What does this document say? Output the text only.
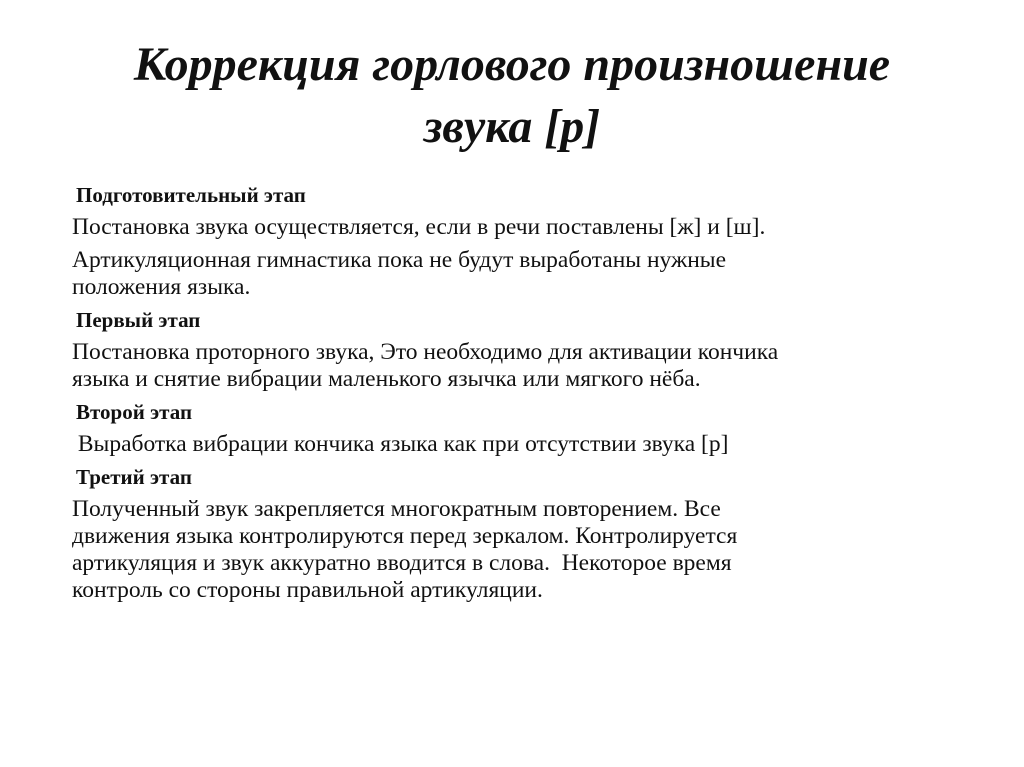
Коррекция горлового произношение
звука [р]
Подготовительный этап
Постановка звука осуществляется, если в речи поставлены [ж] и [ш].
Артикуляционная гимнастика пока не будут выработаны нужные
положения языка.
Первый этап
Постановка проторного звука, Это необходимо для активации кончика
языка и снятие вибрации маленького язычка или мягкого нёба.
Второй этап
Выработка вибрации кончика языка как при отсутствии звука [р]
Третий этап
Полученный звук закрепляется многократным повторением. Все
движения языка контролируются перед зеркалом. Контролируется
артикуляция и звук аккуратно вводится в слова.  Некоторое время
контроль со стороны правильной артикуляции.
